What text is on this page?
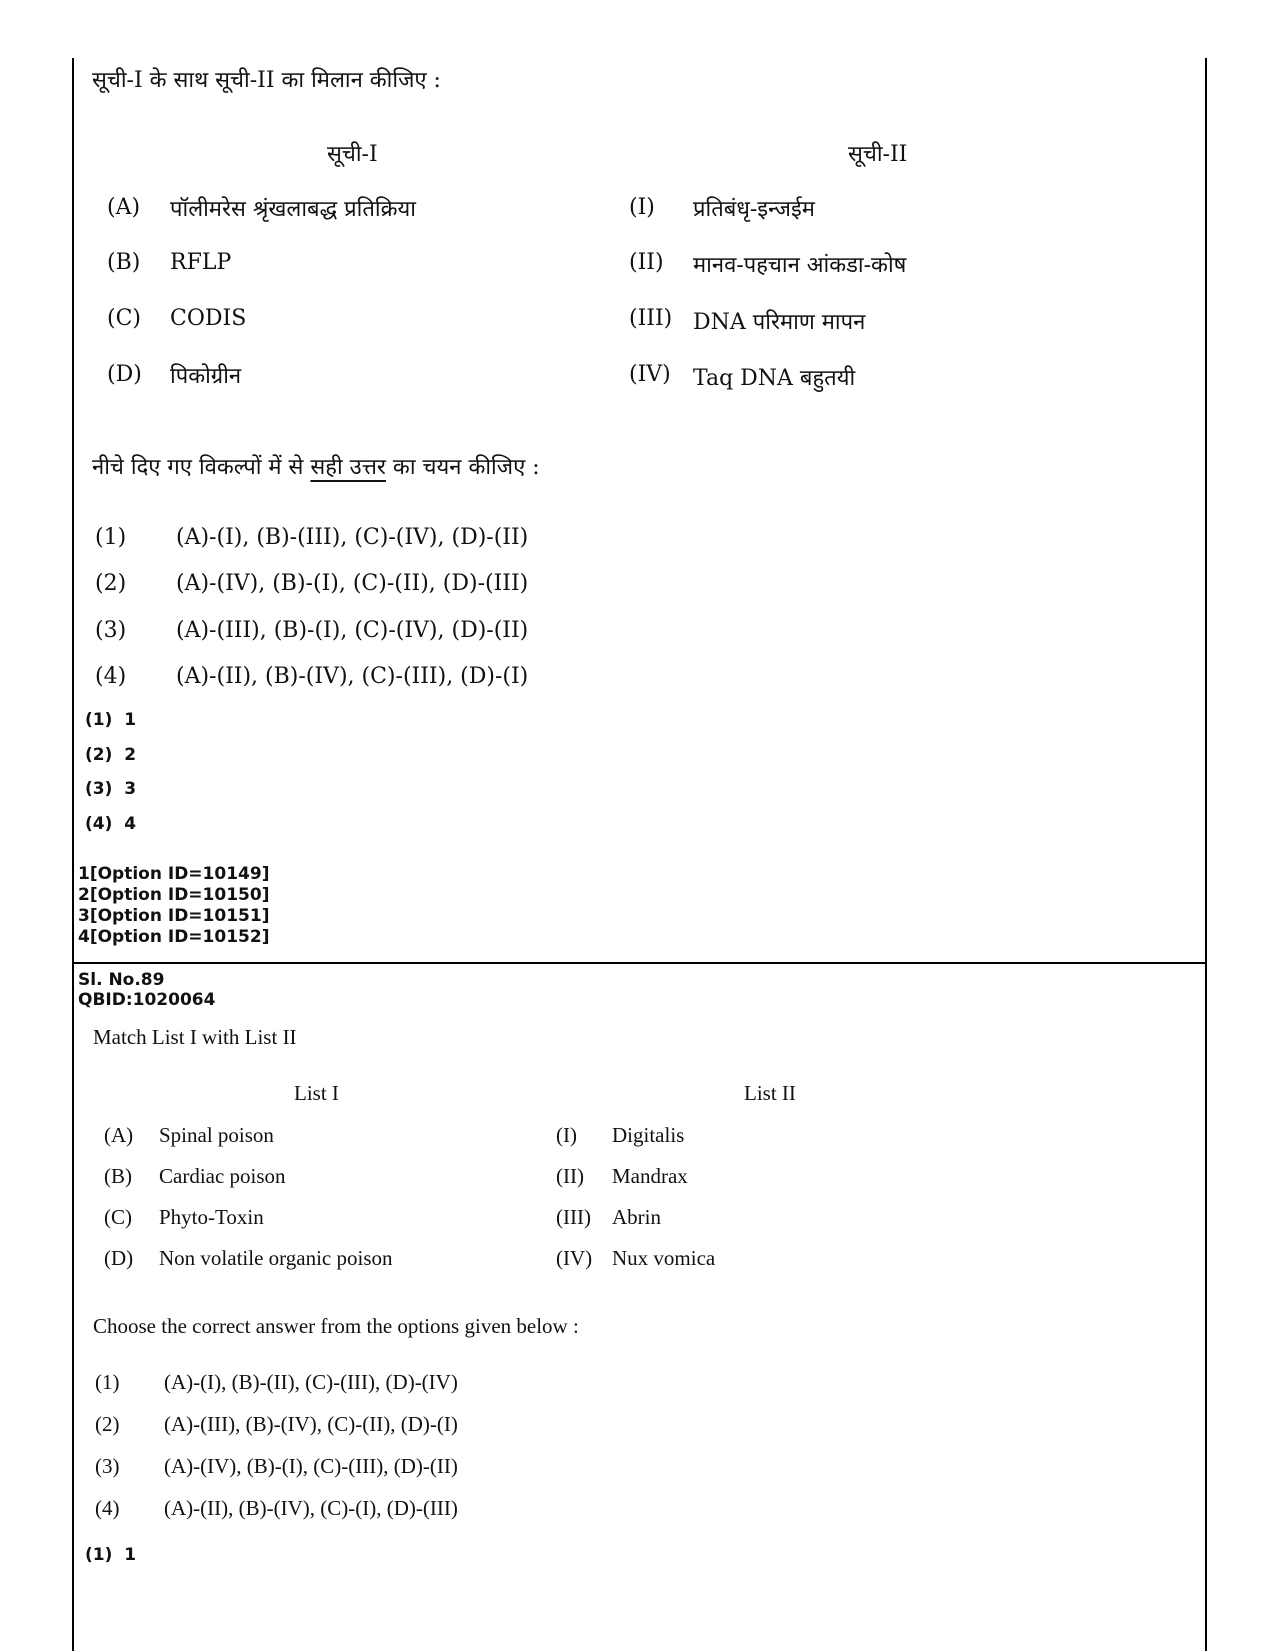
सूची-I के साथ सूची-II का मिलान कीजिए :
सूची-I	सूची-II
(A) पॉलीमरेस श्रृंखलाबद्ध प्रतिक्रिया
(B) RFLP
(C) CODIS
(D) पिकोग्रीन
(I) प्रतिबंधृ-इन्जईम
(II) मानव-पहचान आंकडा-कोष
(III) DNA परिमाण मापन
(IV) Taq DNA बहुतयी
नीचे दिए गए विकल्पों में से सही उत्तर का चयन कीजिए :
(1) (A)-(I), (B)-(III), (C)-(IV), (D)-(II)
(2) (A)-(IV), (B)-(I), (C)-(II), (D)-(III)
(3) (A)-(III), (B)-(I), (C)-(IV), (D)-(II)
(4) (A)-(II), (B)-(IV), (C)-(III), (D)-(I)
(1) 1
(2) 2
(3) 3
(4) 4
1[Option ID=10149]
2[Option ID=10150]
3[Option ID=10151]
4[Option ID=10152]
Sl. No.89
QBID:1020064
Match List I with List II
List I	List II
(A) Spinal poison
(B) Cardiac poison
(C) Phyto-Toxin
(D) Non volatile organic poison
(I) Digitalis
(II) Mandrax
(III) Abrin
(IV) Nux vomica
Choose the correct answer from the options given below :
(1) (A)-(I), (B)-(II), (C)-(III), (D)-(IV)
(2) (A)-(III), (B)-(IV), (C)-(II), (D)-(I)
(3) (A)-(IV), (B)-(I), (C)-(III), (D)-(II)
(4) (A)-(II), (B)-(IV), (C)-(I), (D)-(III)
(1) 1
